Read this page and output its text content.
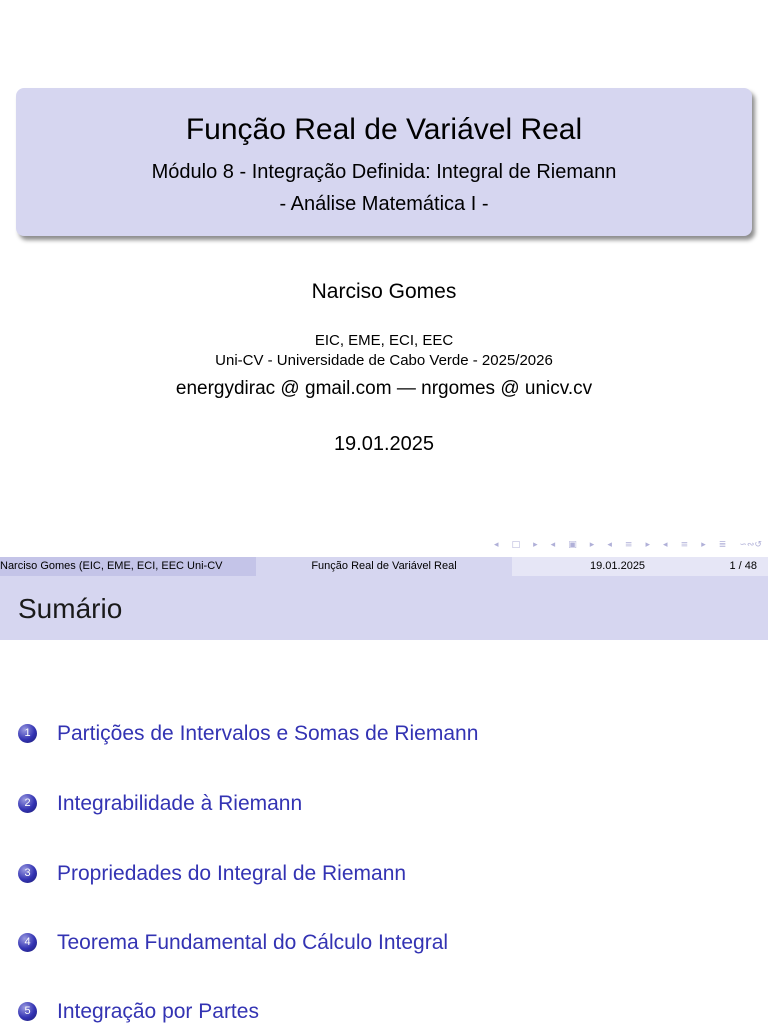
Função Real de Variável Real
Módulo 8 - Integração Definida: Integral de Riemann
- Análise Matemática I -
Narciso Gomes
EIC, EME, ECI, EEC
Uni-CV - Universidade de Cabo Verde - 2025/2026
energydirac @ gmail.com — nrgomes @ unicv.cv
19.01.2025
◂ □ ▸ ◂ ▣ ▸ ◂ ≡ ▸ ◂ ≡ ▸ ≣ ∽∾↺
Narciso Gomes (EIC, EME, ECI, EEC Uni-CV	Função Real de Variável Real	19.01.2025	1 / 48
Sumário
1	Partições de Intervalos e Somas de Riemann
2	Integrabilidade à Riemann
3	Propriedades do Integral de Riemann
4	Teorema Fundamental do Cálculo Integral
5	Integração por Partes
